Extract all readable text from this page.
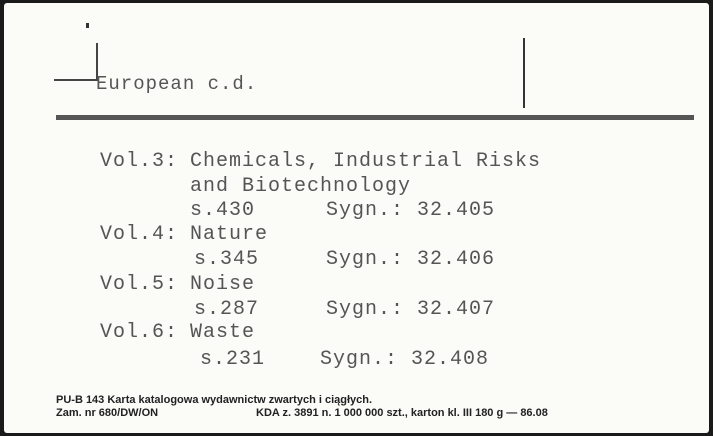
European c.d.
Vol.3: Chemicals, Industrial Risks
and Biotechnology
s.430	Sygn.: 32.405
Vol.4: Nature
s.345	Sygn.: 32.406
Vol.5: Noise
s.287	Sygn.: 32.407
Vol.6: Waste
s.231	Sygn.: 32.408
PU-B 143 Karta katalogowa wydawnictw zwartych i ciągłych.
Zam. nr 680/DW/ON	KDA z. 3891 n. 1 000 000 szt., karton kl. III 180 g — 86.08
